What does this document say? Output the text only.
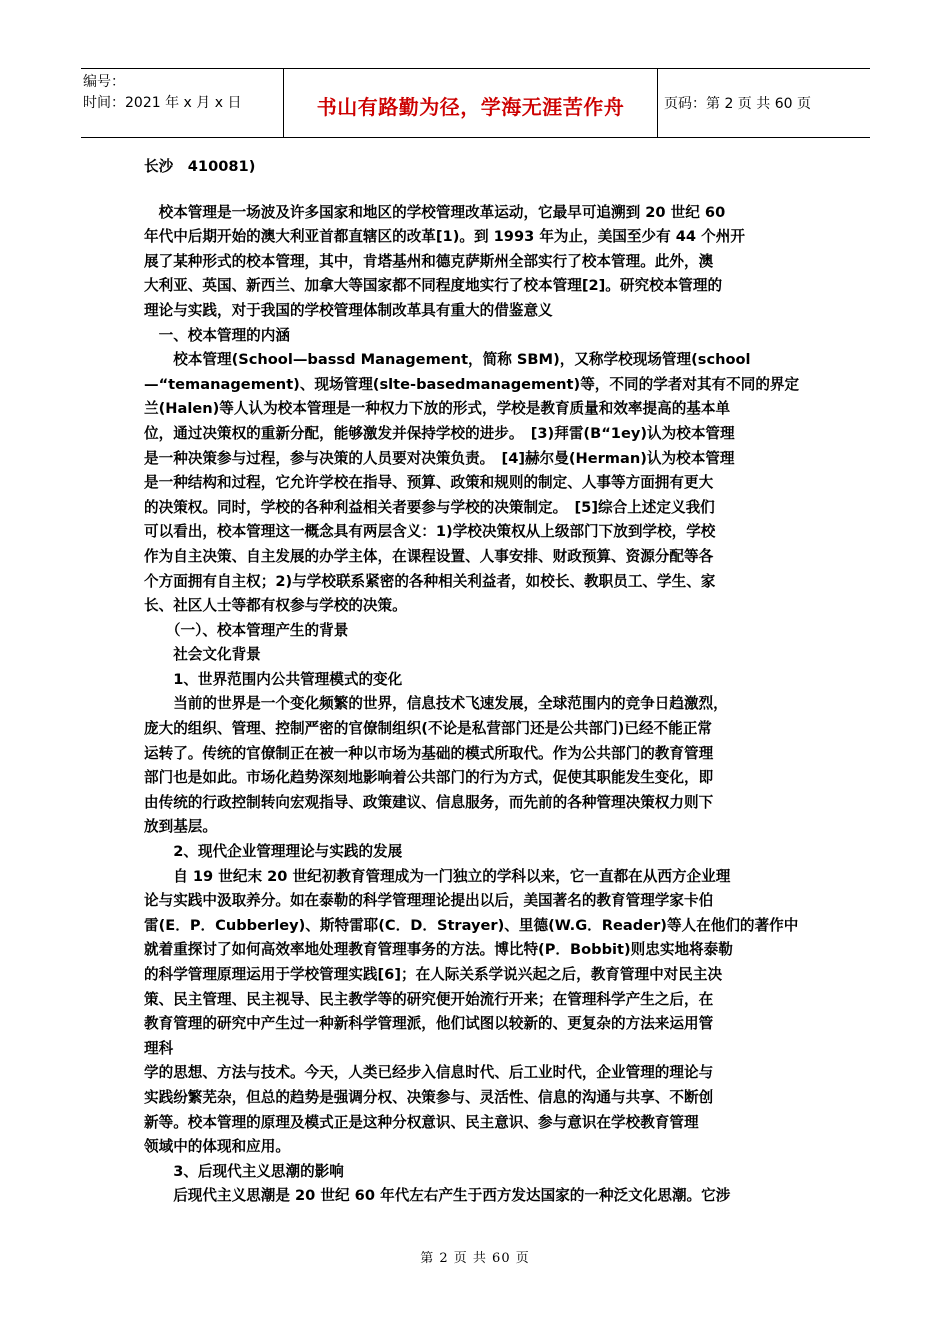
编号：
时间：2021 年 x 月 x 日	书山有路勤为径，学海无涯苦作舟	页码：第 2 页 共 60 页
长沙　410081)
　校本管理是一场波及许多国家和地区的学校管理改革运动，它最早可追溯到 20 世纪 60
年代中后期开始的澳大利亚首都直辖区的改革[1)。到 1993 年为止，美国至少有 44 个州开
展了某种形式的校本管理，其中，肯塔基州和德克萨斯州全部实行了校本管理。此外，澳
大利亚、英国、新西兰、加拿大等国家都不同程度地实行了校本管理[2]。研究校本管理的
理论与实践，对于我国的学校管理体制改革具有重大的借鉴意义
　一、校本管理的内涵
　　校本管理(School—bassd Management，简称 SBM)，又称学校现场管理(school
—“temanagement)、现场管理(slte-basedmanagement)等，不同的学者对其有不同的界定
兰(Halen)等人认为校本管理是一种权力下放的形式，学校是教育质量和效率提高的基本单
位，通过决策权的重新分配，能够激发并保持学校的进步。　[3)拜雷(B“1ey)认为校本管理
是一种决策参与过程，参与决策的人员要对决策负责。　[4]赫尔曼(Herman)认为校本管理
是一种结构和过程，它允许学校在指导、预算、政策和规则的制定、人事等方面拥有更大
的决策权。同时，学校的各种利益相关者要参与学校的决策制定。　[5]综合上述定义我们
可以看出，校本管理这一概念具有两层含义：1)学校决策权从上级部门下放到学校，学校
作为自主决策、自主发展的办学主体，在课程设置、人事安排、财政预算、资源分配等各
个方面拥有自主权；2)与学校联系紧密的各种相关利益者，如校长、教职员工、学生、家
长、社区人士等都有权参与学校的决策。
　　（一）、校本管理产生的背景
　　社会文化背景
　　1、世界范围内公共管理模式的变化
　　当前的世界是一个变化频繁的世界，信息技术飞速发展，全球范围内的竞争日趋激烈，
庞大的组织、管理、控制严密的官僚制组织(不论是私营部门还是公共部门)已经不能正常
运转了。传统的官僚制正在被一种以市场为基础的模式所取代。作为公共部门的教育管理
部门也是如此。市场化趋势深刻地影响着公共部门的行为方式，促使其职能发生变化，即
由传统的行政控制转向宏观指导、政策建议、信息服务，而先前的各种管理决策权力则下
放到基层。
　　2、现代企业管理理论与实践的发展
　　自 19 世纪末 20 世纪初教育管理成为一门独立的学科以来，它一直都在从西方企业理
论与实践中汲取养分。如在泰勒的科学管理理论提出以后，美国著名的教育管理学家卡伯
雷(E．P．Cubberley)、斯特雷耶(C．D．Strayer)、里德(W.G．Reader)等人在他们的著作中
就着重探讨了如何高效率地处理教育管理事务的方法。博比特(P．Bobbit)则忠实地将泰勒
的科学管理原理运用于学校管理实践[6]；在人际关系学说兴起之后，教育管理中对民主决
策、民主管理、民主视导、民主教学等的研究便开始流行开来；在管理科学产生之后，在
教育管理的研究中产生过一种新科学管理派，他们试图以较新的、更复杂的方法来运用管
理科
学的思想、方法与技术。今天，人类已经步入信息时代、后工业时代，企业管理的理论与
实践纷繁芜杂，但总的趋势是强调分权、决策参与、灵活性、信息的沟通与共享、不断创
新等。校本管理的原理及模式正是这种分权意识、民主意识、参与意识在学校教育管理
领域中的体现和应用。
　　3、后现代主义思潮的影响
　　后现代主义思潮是 20 世纪 60 年代左右产生于西方发达国家的一种泛文化思潮。它涉
第 2 页 共 60 页
